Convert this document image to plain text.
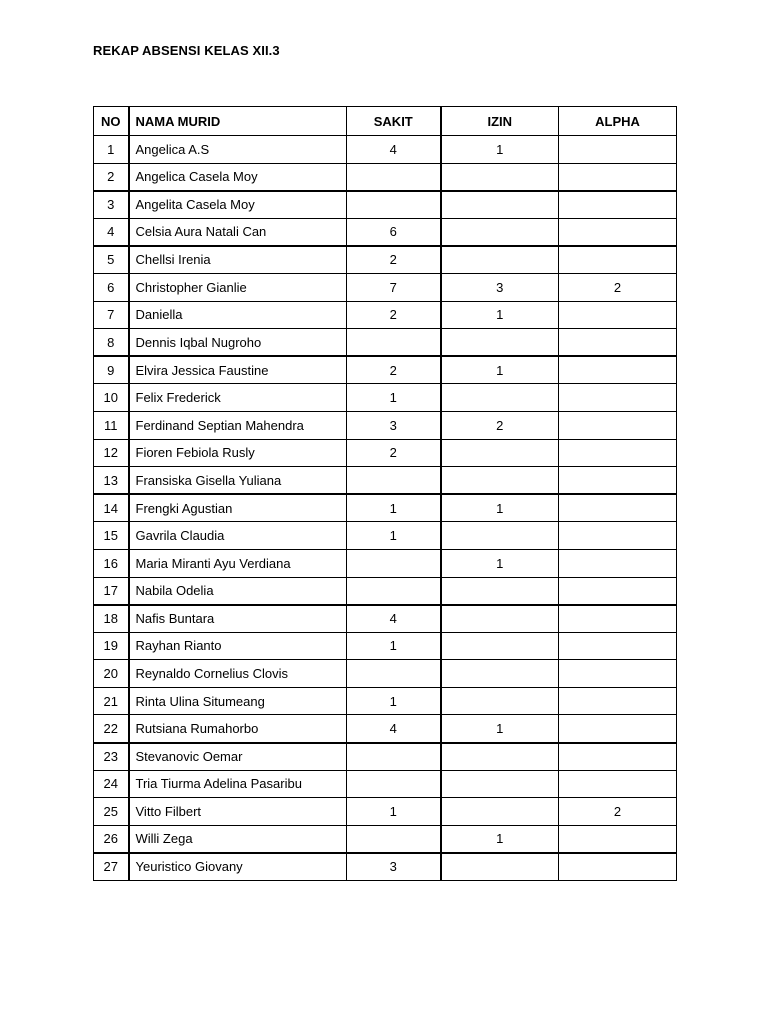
REKAP ABSENSI KELAS XII.3
NO	NAMA MURID	SAKIT	IZIN	ALPHA
1	Angelica A.S	4	1	
2	Angelica Casela Moy			
3	Angelita Casela Moy			
4	Celsia Aura Natali Can	6		
5	Chellsi Irenia	2		
6	Christopher Gianlie	7	3	2
7	Daniella	2	1	
8	Dennis Iqbal Nugroho			
9	Elvira Jessica Faustine	2	1	
10	Felix Frederick	1		
11	Ferdinand Septian Mahendra	3	2	
12	Fioren Febiola Rusly	2		
13	Fransiska Gisella Yuliana			
14	Frengki Agustian	1	1	
15	Gavrila Claudia	1		
16	Maria Miranti Ayu Verdiana		1	
17	Nabila Odelia			
18	Nafis Buntara	4		
19	Rayhan Rianto	1		
20	Reynaldo Cornelius Clovis			
21	Rinta Ulina Situmeang	1		
22	Rutsiana Rumahorbo	4	1	
23	Stevanovic Oemar			
24	Tria Tiurma Adelina Pasaribu			
25	Vitto Filbert	1		2
26	Willi Zega		1	
27	Yeuristico Giovany	3		
